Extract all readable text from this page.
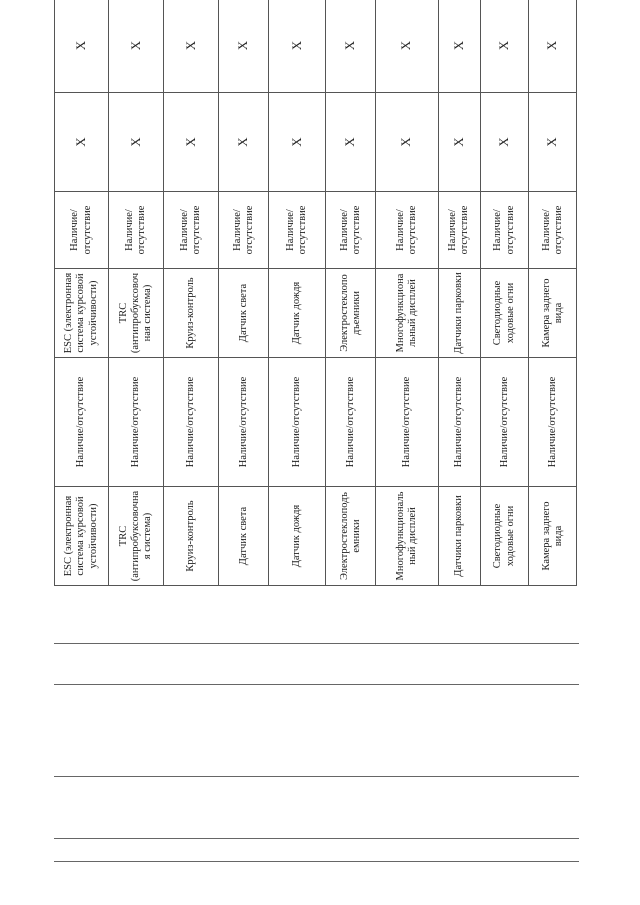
ESC (электронная система курсовой устойчивости)	Наличие/отсутствие	ESC (электронная система курсовой устойчивости)	Наличие/отсутствие	X	X
TRC (антипробуксовочная система)	Наличие/отсутствие	TRC (антипробуксовочная система)	Наличие/отсутствие	X	X
Круиз-контроль	Наличие/отсутствие	Круиз-контроль	Наличие/отсутствие	X	X
Датчик света	Наличие/отсутствие	Датчик света	Наличие/отсутствие	X	X
Датчик дождя	Наличие/отсутствие	Датчик дождя	Наличие/отсутствие	X	X
Электростеклоподъемники	Наличие/отсутствие	Электростеклоподъемники	Наличие/отсутствие	X	X
Многофункциональный дисплей	Наличие/отсутствие	Многофункциональный дисплей	Наличие/отсутствие	X	X
Датчики парковки	Наличие/отсутствие	Датчики парковки	Наличие/отсутствие	X	X
Светодиодные ходовые огни	Наличие/отсутствие	Светодиодные ходовые огни	Наличие/отсутствие	X	X
Камера заднего вида	Наличие/отсутствие	Камера заднего вида	Наличие/отсутствие	X	X
